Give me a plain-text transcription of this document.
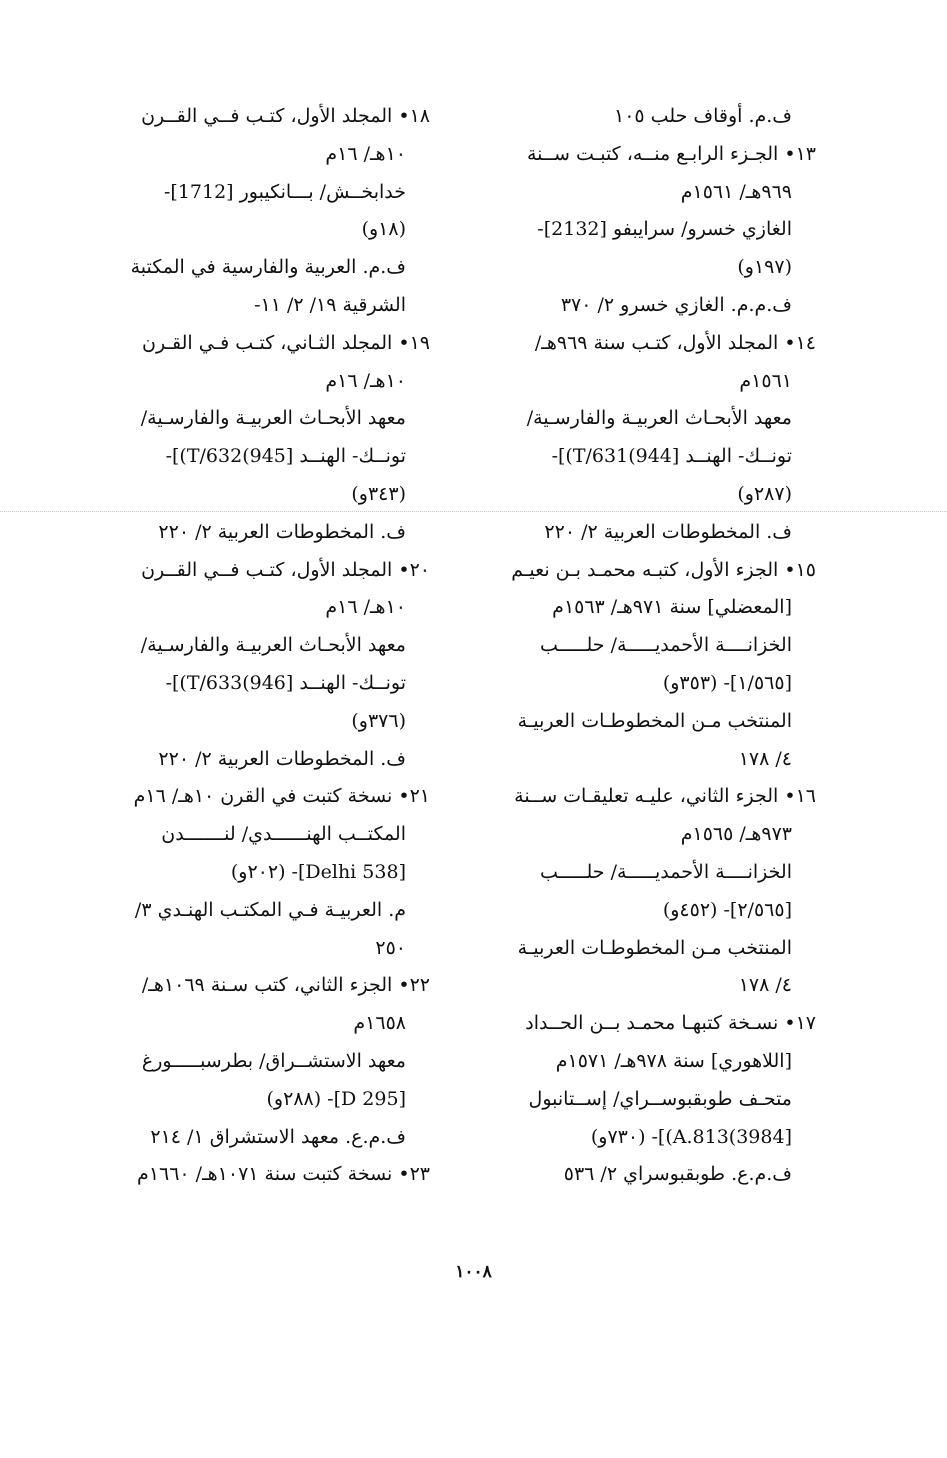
ف.م. أوقاف حلب ١٠٥
١٣• الجـزء الرابـع منــه، كتبـت ســنة
٩٦٩هـ/ ١٥٦١م
الغازي خسرو/ سرايبفو [2132]-
(١٩٧و)
ف.م.م. الغازي خسرو ٢/ ٣٧٠
١٤• المجلد الأول، كتـب سنة ٩٦٩هـ/
١٥٦١م
معهد الأبحـاث العربيـة والفارسـية/
تونــك- الهنــد [944)T/631)]-
(٢٨٧و)
ف. المخطوطات العربية ٢/ ٢٢٠
١٥• الجزء الأول، كتبـه محمـد بـن نعيـم
[المعضلي] سنة ٩٧١هـ/ ١٥٦٣م
الخزانــــة الأحمديـــــة/ حلـــــب
[١/٥٦٥]- (٣٥٣و)
المنتخب مـن المخطوطـات العربيـة
٤/ ١٧٨
١٦• الجزء الثاني، عليـه تعليقـات ســنة
٩٧٣هـ/ ١٥٦٥م
الخزانــــة الأحمديـــــة/ حلـــــب
[٢/٥٦٥]- (٤٥٢و)
المنتخب مـن المخطوطـات العربيـة
٤/ ١٧٨
١٧• نسـخة كتبهـا محمـد بــن الحــداد
[اللاهوري] سنة ٩٧٨هـ/ ١٥٧١م
متحـف طوبقبوســراي/ إســتانبول
[3984)A.813)]- (٧٣٠و)
ف.م.ع. طوبقبوسراي ٢/ ٥٣٦
١٨• المجلد الأول، كتـب فــي القــرن
١٠هـ/ ١٦م
خدابخــش/ بـــانكيبور [1712]-
(١٨و)
ف.م. العربية والفارسية في المكتبة
الشرقية ١٩/ ٢/ ١١-
١٩• المجلد الثـاني، كتـب فـي القـرن
١٠هـ/ ١٦م
معهد الأبحـاث العربيـة والفارسـية/
تونــك- الهنــد [945)T/632)]-
(٣٤٣و)
ف. المخطوطات العربية ٢/ ٢٢٠
٢٠• المجلد الأول، كتـب فــي القــرن
١٠هـ/ ١٦م
معهد الأبحـاث العربيـة والفارسـية/
تونــك- الهنــد [946)T/633)]-
(٣٧٦و)
ف. المخطوطات العربية ٢/ ٢٢٠
٢١• نسخة كتبت في القرن ١٠هـ/ ١٦م
المكتــب الهنــــــدي/ لنـــــــدن
[Delhi 538]- (٢٠٢و)
م. العربيـة فـي المكتـب الهنـدي ٣/
٢٥٠
٢٢• الجزء الثاني، كتب سـنة ١٠٦٩هـ/
١٦٥٨م
معهد الاستشــراق/ بطرسبـــــورغ
[D 295]- (٢٨٨و)
ف.م.ع. معهد الاستشراق ١/ ٢١٤
٢٣• نسخة كتبت سنة ١٠٧١هـ/ ١٦٦٠م
١٠٠٨
